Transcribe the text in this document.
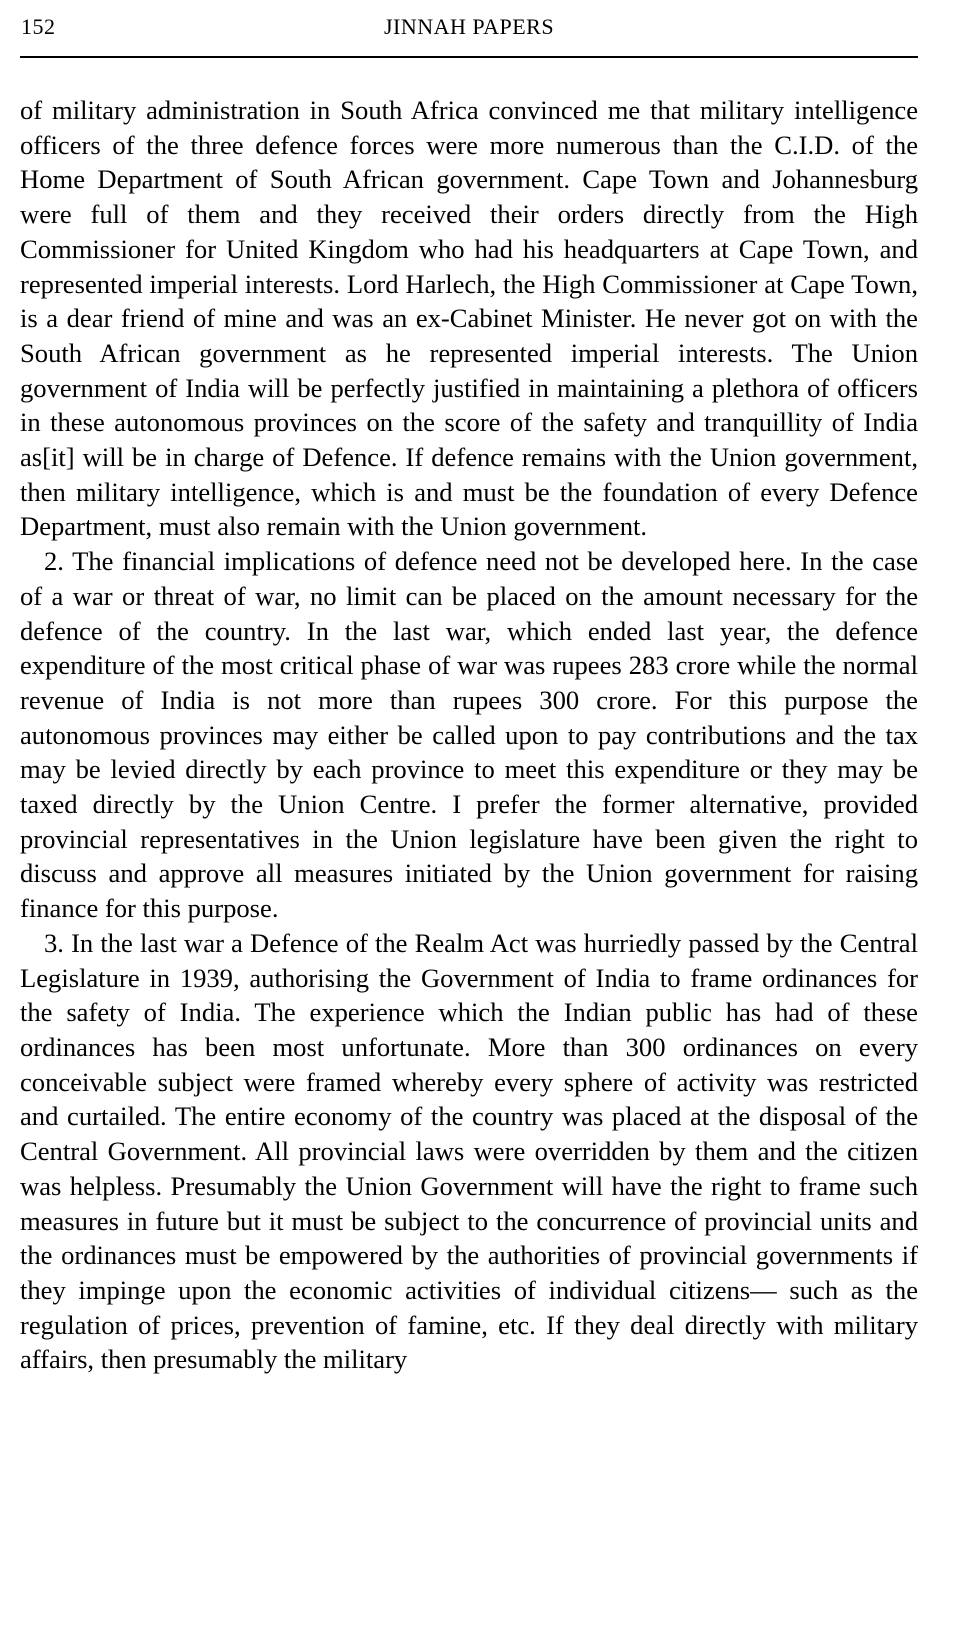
152	JINNAH PAPERS

of military administration in South Africa convinced me that military intelligence officers of the three defence forces were more numerous than the C.I.D. of the Home Department of South African government. Cape Town and Johannesburg were full of them and they received their orders directly from the High Commissioner for United Kingdom who had his headquarters at Cape Town, and represented imperial interests. Lord Harlech, the High Commissioner at Cape Town, is a dear friend of mine and was an ex-Cabinet Minister. He never got on with the South African government as he represented imperial interests. The Union government of India will be perfectly justified in maintaining a plethora of officers in these autonomous provinces on the score of the safety and tranquillity of India as[it] will be in charge of Defence. If defence remains with the Union government, then military intelligence, which is and must be the foundation of every Defence Department, must also remain with the Union government.

2. The financial implications of defence need not be developed here. In the case of a war or threat of war, no limit can be placed on the amount necessary for the defence of the country. In the last war, which ended last year, the defence expenditure of the most critical phase of war was rupees 283 crore while the normal revenue of India is not more than rupees 300 crore. For this purpose the autonomous provinces may either be called upon to pay contributions and the tax may be levied directly by each province to meet this expenditure or they may be taxed directly by the Union Centre. I prefer the former alternative, provided provincial representatives in the Union legislature have been given the right to discuss and approve all measures initiated by the Union government for raising finance for this purpose.

3. In the last war a Defence of the Realm Act was hurriedly passed by the Central Legislature in 1939, authorising the Government of India to frame ordinances for the safety of India. The experience which the Indian public has had of these ordinances has been most unfortunate. More than 300 ordinances on every conceivable subject were framed whereby every sphere of activity was restricted and curtailed. The entire economy of the country was placed at the disposal of the Central Government. All provincial laws were overridden by them and the citizen was helpless. Presumably the Union Government will have the right to frame such measures in future but it must be subject to the concurrence of provincial units and the ordinances must be empowered by the authorities of provincial governments if they impinge upon the economic activities of individual citizens— such as the regulation of prices, prevention of famine, etc. If they deal directly with military affairs, then presumably the military
